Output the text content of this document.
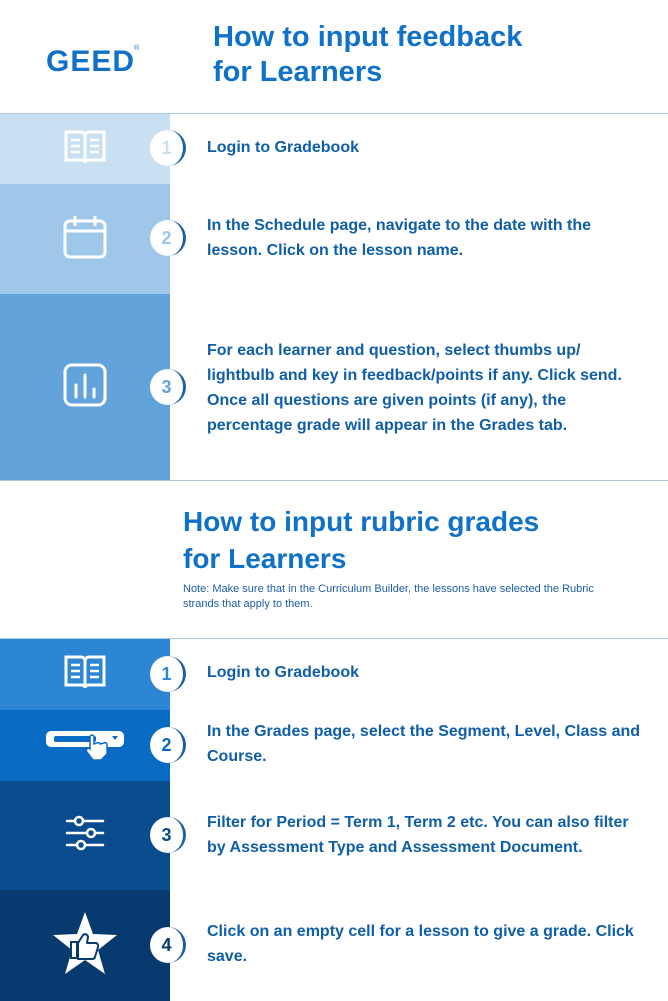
GEED
®	How to input feedback

for Learners

1
2
3

Login to Gradebook

In the Schedule page, navigate to the date with the lesson. Click on the lesson name.

For each learner and question, select thumbs up/ lightbulb and key in feedback/points if any. Click send. Once all questions are given points (if any), the percentage grade will appear in the Grades tab.

How to input rubric grades

for Learners

Note: Make sure that in the Curriculum Builder, the lessons have selected the Rubric strands that apply to them.

1
2
3
4

Login to Gradebook

In the Grades page, select the Segment, Level, Class and Course.

Filter for Period = Term 1, Term 2 etc. You can also filter by Assessment Type and Assessment Document.

Click on an empty cell for a lesson to give a grade. Click save.
